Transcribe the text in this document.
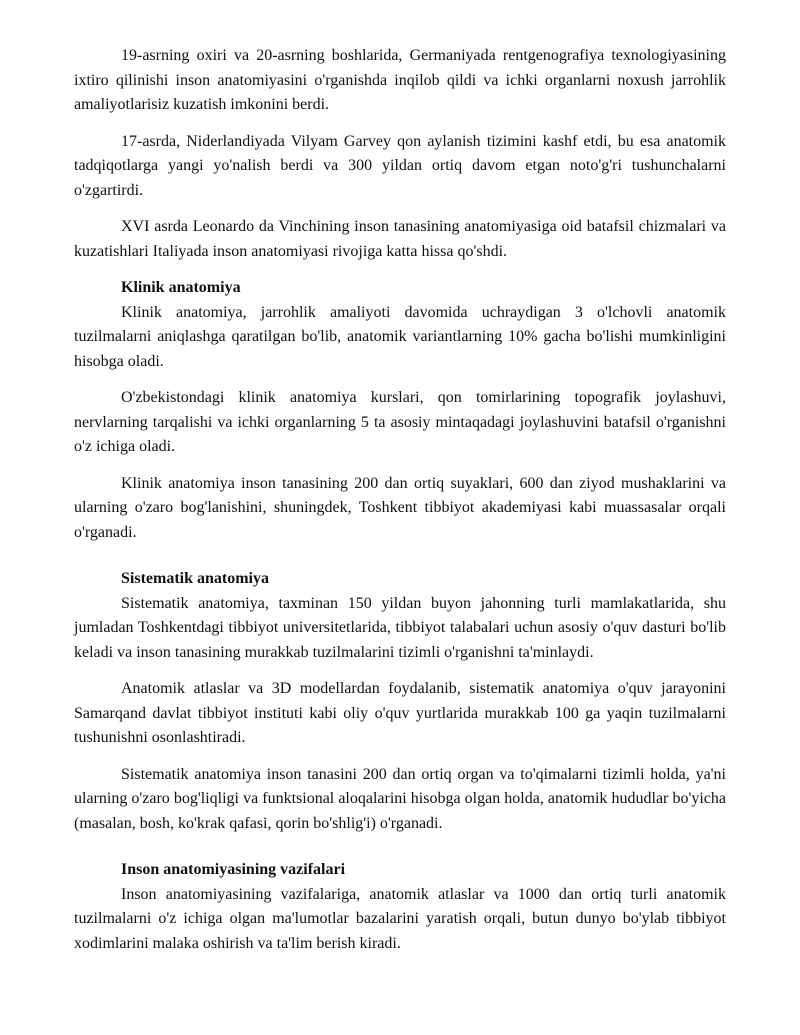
19-asrning oxiri va 20-asrning boshlarida, Germaniyada rentgenografiya texnologiyasining ixtiro qilinishi inson anatomiyasini o'rganishda inqilob qildi va ichki organlarni noxush jarrohlik amaliyotlarisiz kuzatish imkonini berdi.

17-asrda, Niderlandiyada Vilyam Garvey qon aylanish tizimini kashf etdi, bu esa anatomik tadqiqotlarga yangi yo'nalish berdi va 300 yildan ortiq davom etgan noto'g'ri tushunchalarni o'zgartirdi.

XVI asrda Leonardo da Vinchining inson tanasining anatomiyasiga oid batafsil chizmalari va kuzatishlari Italiyada inson anatomiyasi rivojiga katta hissa qo'shdi.

Klinik anatomiya

Klinik anatomiya, jarrohlik amaliyoti davomida uchraydigan 3 o'lchovli anatomik tuzilmalarni aniqlashga qaratilgan bo'lib, anatomik variantlarning 10% gacha bo'lishi mumkinligini hisobga oladi.

O'zbekistondagi klinik anatomiya kurslari, qon tomirlarining topografik joylashuvi, nervlarning tarqalishi va ichki organlarning 5 ta asosiy mintaqadagi joylashuvini batafsil o'rganishni o'z ichiga oladi.

Klinik anatomiya inson tanasining 200 dan ortiq suyaklari, 600 dan ziyod mushaklarini va ularning o'zaro bog'lanishini, shuningdek, Toshkent tibbiyot akademiyasi kabi muassasalar orqali o'rganadi.

Sistematik anatomiya

Sistematik anatomiya, taxminan 150 yildan buyon jahonning turli mamlakatlarida, shu jumladan Toshkentdagi tibbiyot universitetlarida, tibbiyot talabalari uchun asosiy o'quv dasturi bo'lib keladi va inson tanasining murakkab tuzilmalarini tizimli o'rganishni ta'minlaydi.

Anatomik atlaslar va 3D modellardan foydalanib, sistematik anatomiya o'quv jarayonini Samarqand davlat tibbiyot instituti kabi oliy o'quv yurtlarida murakkab 100 ga yaqin tuzilmalarni tushunishni osonlashtiradi.

Sistematik anatomiya inson tanasini 200 dan ortiq organ va to'qimalarni tizimli holda, ya'ni ularning o'zaro bog'liqligi va funktsional aloqalarini hisobga olgan holda, anatomik hududlar bo'yicha (masalan, bosh, ko'krak qafasi, qorin bo'shlig'i) o'rganadi.

Inson anatomiyasining vazifalari

Inson anatomiyasining vazifalariga, anatomik atlaslar va 1000 dan ortiq turli anatomik tuzilmalarni o'z ichiga olgan ma'lumotlar bazalarini yaratish orqali, butun dunyo bo'ylab tibbiyot xodimlarini malaka oshirish va ta'lim berish kiradi.
